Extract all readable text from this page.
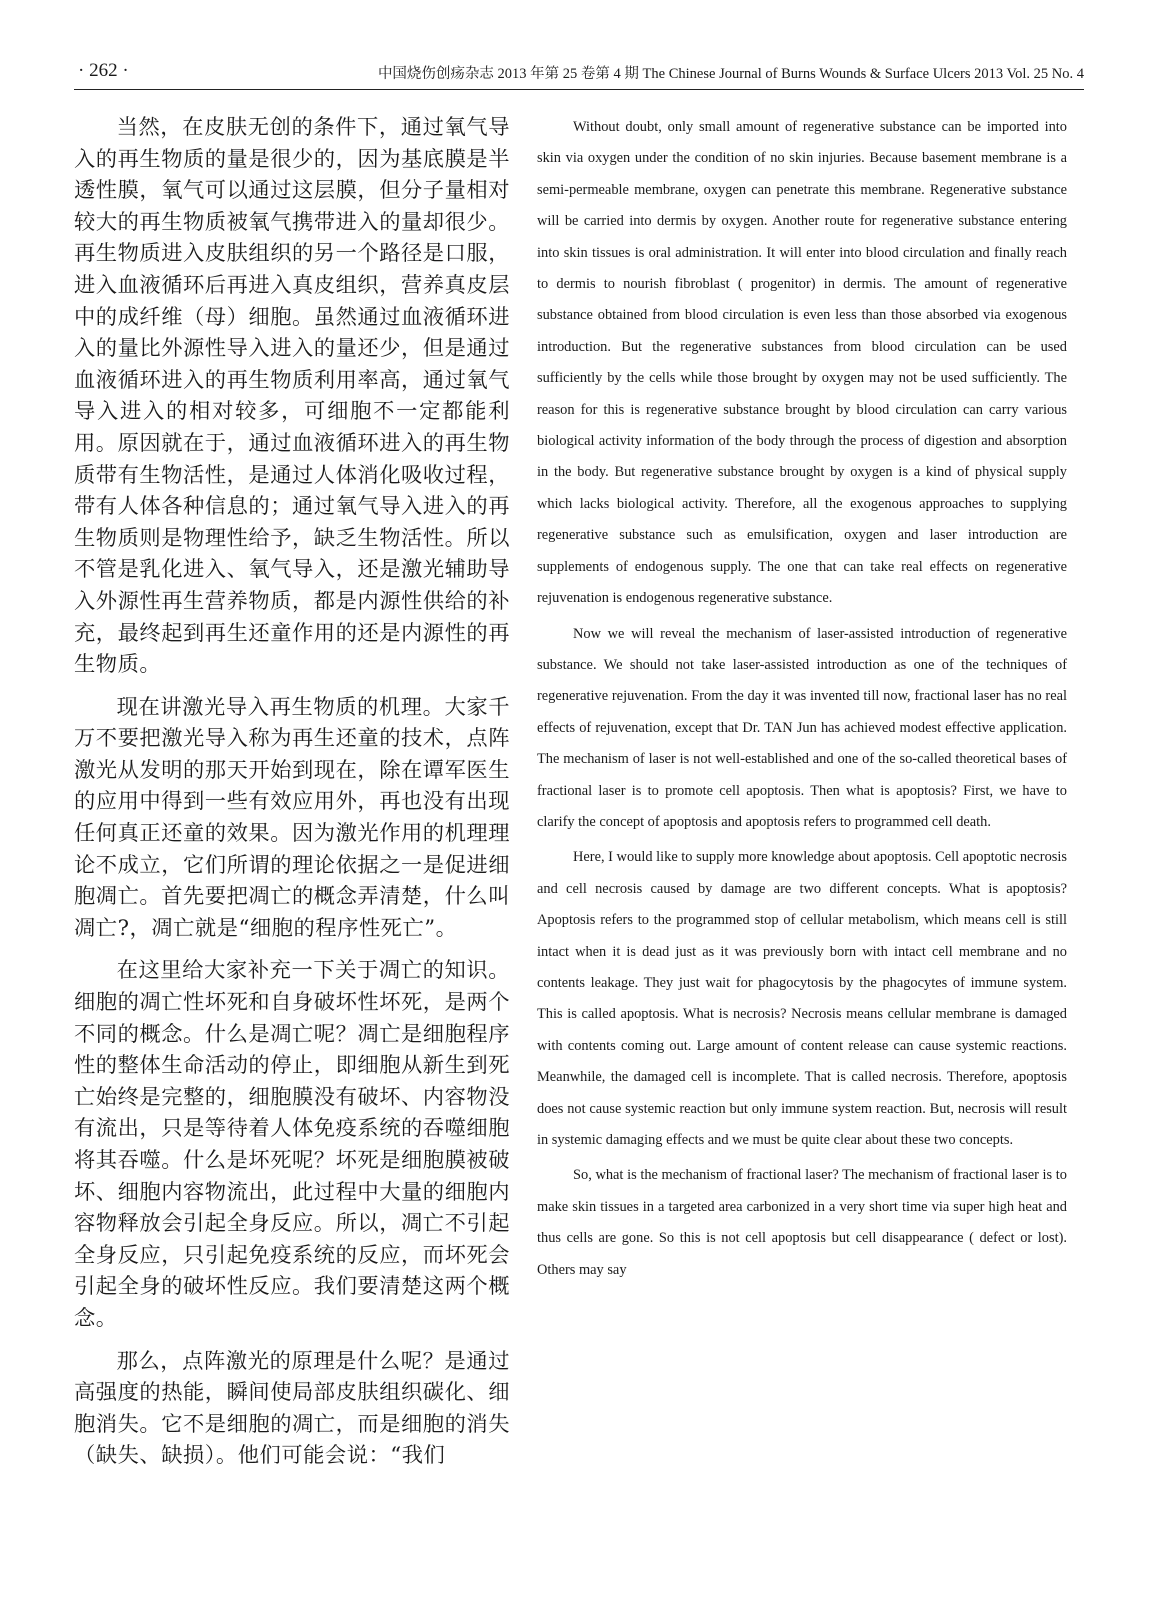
· 262 ·	中国烧伤创疡杂志 2013 年第 25 卷第 4 期 The Chinese Journal of Burns Wounds & Surface Ulcers 2013 Vol. 25 No. 4

当然，在皮肤无创的条件下，通过氧气导入的再生物质的量是很少的，因为基底膜是半透性膜，氧气可以通过这层膜，但分子量相对较大的再生物质被氧气携带进入的量却很少。再生物质进入皮肤组织的另一个路径是口服，进入血液循环后再进入真皮组织，营养真皮层中的成纤维（母）细胞。虽然通过血液循环进入的量比外源性导入进入的量还少，但是通过血液循环进入的再生物质利用率高，通过氧气导入进入的相对较多，可细胞不一定都能利用。原因就在于，通过血液循环进入的再生物质带有生物活性，是通过人体消化吸收过程，带有人体各种信息的；通过氧气导入进入的再生物质则是物理性给予，缺乏生物活性。所以不管是乳化进入、氧气导入，还是激光辅助导入外源性再生营养物质，都是内源性供给的补充，最终起到再生还童作用的还是内源性的再生物质。

现在讲激光导入再生物质的机理。大家千万不要把激光导入称为再生还童的技术，点阵激光从发明的那天开始到现在，除在谭军医生的应用中得到一些有效应用外，再也没有出现任何真正还童的效果。因为激光作用的机理理论不成立，它们所谓的理论依据之一是促进细胞凋亡。首先要把凋亡的概念弄清楚，什么叫凋亡?，凋亡就是“细胞的程序性死亡”。

在这里给大家补充一下关于凋亡的知识。细胞的凋亡性坏死和自身破坏性坏死，是两个不同的概念。什么是凋亡呢？凋亡是细胞程序性的整体生命活动的停止，即细胞从新生到死亡始终是完整的，细胞膜没有破坏、内容物没有流出，只是等待着人体免疫系统的吞噬细胞将其吞噬。什么是坏死呢？坏死是细胞膜被破坏、细胞内容物流出，此过程中大量的细胞内容物释放会引起全身反应。所以，凋亡不引起全身反应，只引起免疫系统的反应，而坏死会引起全身的破坏性反应。我们要清楚这两个概念。

那么，点阵激光的原理是什么呢？是通过高强度的热能，瞬间使局部皮肤组织碳化、细胞消失。它不是细胞的凋亡，而是细胞的消失（缺失、缺损）。他们可能会说：“我们

Without doubt, only small amount of regenerative substance can be imported into skin via oxygen under the condition of no skin injuries. Because basement membrane is a semi-permeable membrane, oxygen can penetrate this membrane. Regenerative substance will be carried into dermis by oxygen. Another route for regenerative substance entering into skin tissues is oral administration. It will enter into blood circulation and finally reach to dermis to nourish fibroblast ( progenitor) in dermis. The amount of regenerative substance obtained from blood circulation is even less than those absorbed via exogenous introduction. But the regenerative substances from blood circulation can be used sufficiently by the cells while those brought by oxygen may not be used sufficiently. The reason for this is regenerative substance brought by blood circulation can carry various biological activity information of the body through the process of digestion and absorption in the body. But regenerative substance brought by oxygen is a kind of physical supply which lacks biological activity. Therefore, all the exogenous approaches to supplying regenerative substance such as emulsification, oxygen and laser introduction are supplements of endogenous supply. The one that can take real effects on regenerative rejuvenation is endogenous regenerative substance.

Now we will reveal the mechanism of laser-assisted introduction of regenerative substance. We should not take laser-assisted introduction as one of the techniques of regenerative rejuvenation. From the day it was invented till now, fractional laser has no real effects of rejuvenation, except that Dr. TAN Jun has achieved modest effective application. The mechanism of laser is not well-established and one of the so-called theoretical bases of fractional laser is to promote cell apoptosis. Then what is apoptosis? First, we have to clarify the concept of apoptosis and apoptosis refers to programmed cell death.

Here, I would like to supply more knowledge about apoptosis. Cell apoptotic necrosis and cell necrosis caused by damage are two different concepts. What is apoptosis? Apoptosis refers to the programmed stop of cellular metabolism, which means cell is still intact when it is dead just as it was previously born with intact cell membrane and no contents leakage. They just wait for phagocytosis by the phagocytes of immune system. This is called apoptosis. What is necrosis? Necrosis means cellular membrane is damaged with contents coming out. Large amount of content release can cause systemic reactions. Meanwhile, the damaged cell is incomplete. That is called necrosis. Therefore, apoptosis does not cause systemic reaction but only immune system reaction. But, necrosis will result in systemic damaging effects and we must be quite clear about these two concepts.

So, what is the mechanism of fractional laser? The mechanism of fractional laser is to make skin tissues in a targeted area carbonized in a very short time via super high heat and thus cells are gone. So this is not cell apoptosis but cell disappearance ( defect or lost). Others may say
